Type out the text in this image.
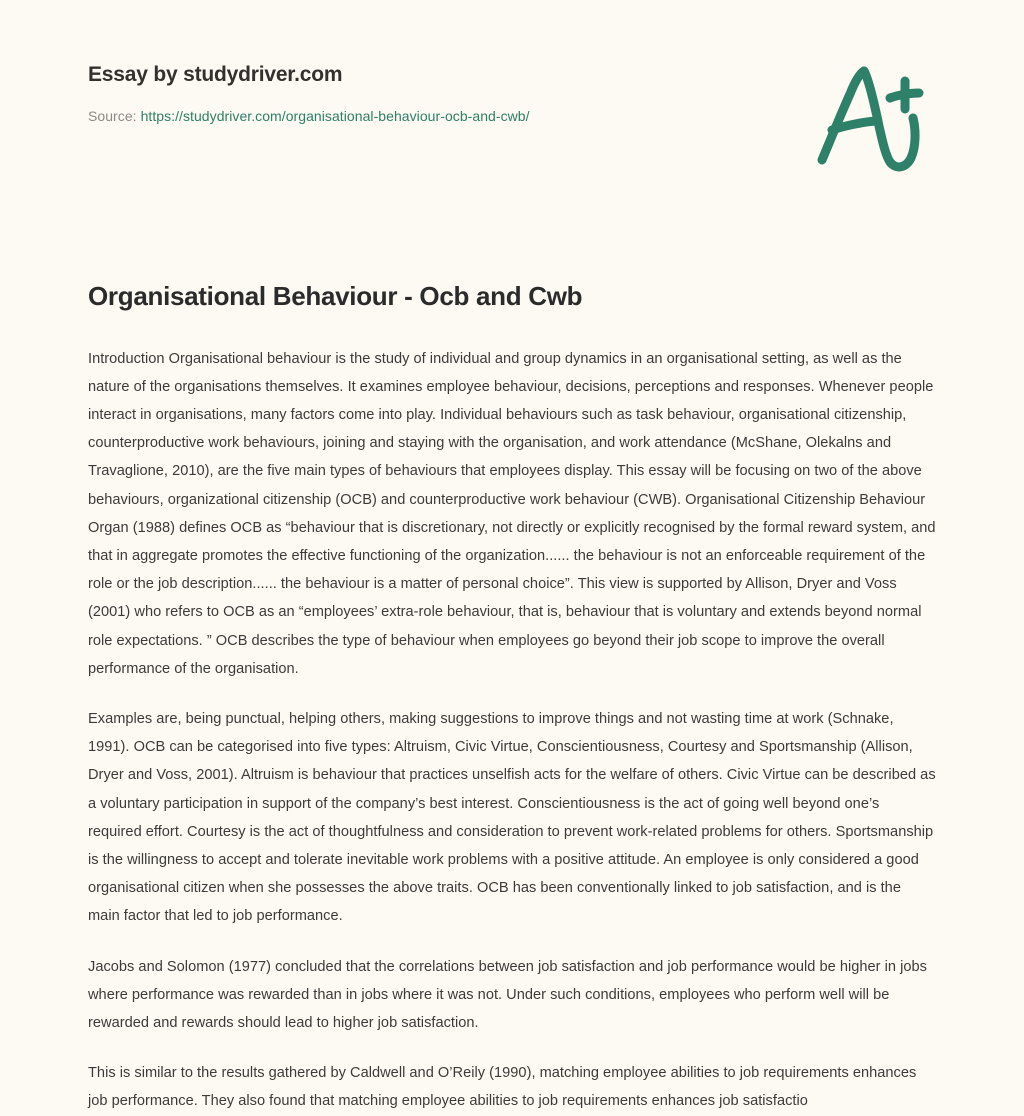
Essay by studydriver.com
Source: https://studydriver.com/organisational-behaviour-ocb-and-cwb/
Organisational Behaviour - Ocb and Cwb

Introduction Organisational behaviour is the study of individual and group dynamics in an organisational setting, as well as the nature of the organisations themselves. It examines employee behaviour, decisions, perceptions and responses. Whenever people interact in organisations, many factors come into play. Individual behaviours such as task behaviour, organisational citizenship, counterproductive work behaviours, joining and staying with the organisation, and work attendance (McShane, Olekalns and Travaglione, 2010), are the five main types of behaviours that employees display. This essay will be focusing on two of the above behaviours, organizational citizenship (OCB) and counterproductive work behaviour (CWB). Organisational Citizenship Behaviour Organ (1988) defines OCB as “behaviour that is discretionary, not directly or explicitly recognised by the formal reward system, and that in aggregate promotes the effective functioning of the organization...... the behaviour is not an enforceable requirement of the role or the job description...... the behaviour is a matter of personal choice”. This view is supported by Allison, Dryer and Voss (2001) who refers to OCB as an “employees’ extra-role behaviour, that is, behaviour that is voluntary and extends beyond normal role expectations. ” OCB describes the type of behaviour when employees go beyond their job scope to improve the overall performance of the organisation.

Examples are, being punctual, helping others, making suggestions to improve things and not wasting time at work (Schnake, 1991). OCB can be categorised into five types: Altruism, Civic Virtue, Conscientiousness, Courtesy and Sportsmanship (Allison, Dryer and Voss, 2001). Altruism is behaviour that practices unselfish acts for the welfare of others. Civic Virtue can be described as a voluntary participation in support of the company’s best interest. Conscientiousness is the act of going well beyond one’s required effort. Courtesy is the act of thoughtfulness and consideration to prevent work-related problems for others. Sportsmanship is the willingness to accept and tolerate inevitable work problems with a positive attitude. An employee is only considered a good organisational citizen when she possesses the above traits. OCB has been conventionally linked to job satisfaction, and is the main factor that led to job performance.

Jacobs and Solomon (1977) concluded that the correlations between job satisfaction and job performance would be higher in jobs where performance was rewarded than in jobs where it was not. Under such conditions, employees who perform well will be rewarded and rewards should lead to higher job satisfaction.

This is similar to the results gathered by Caldwell and O’Reily (1990), matching employee abilities to job requirements enhances job performance. They also found that matching employee abilities to job requirements enhances job satisfactio
